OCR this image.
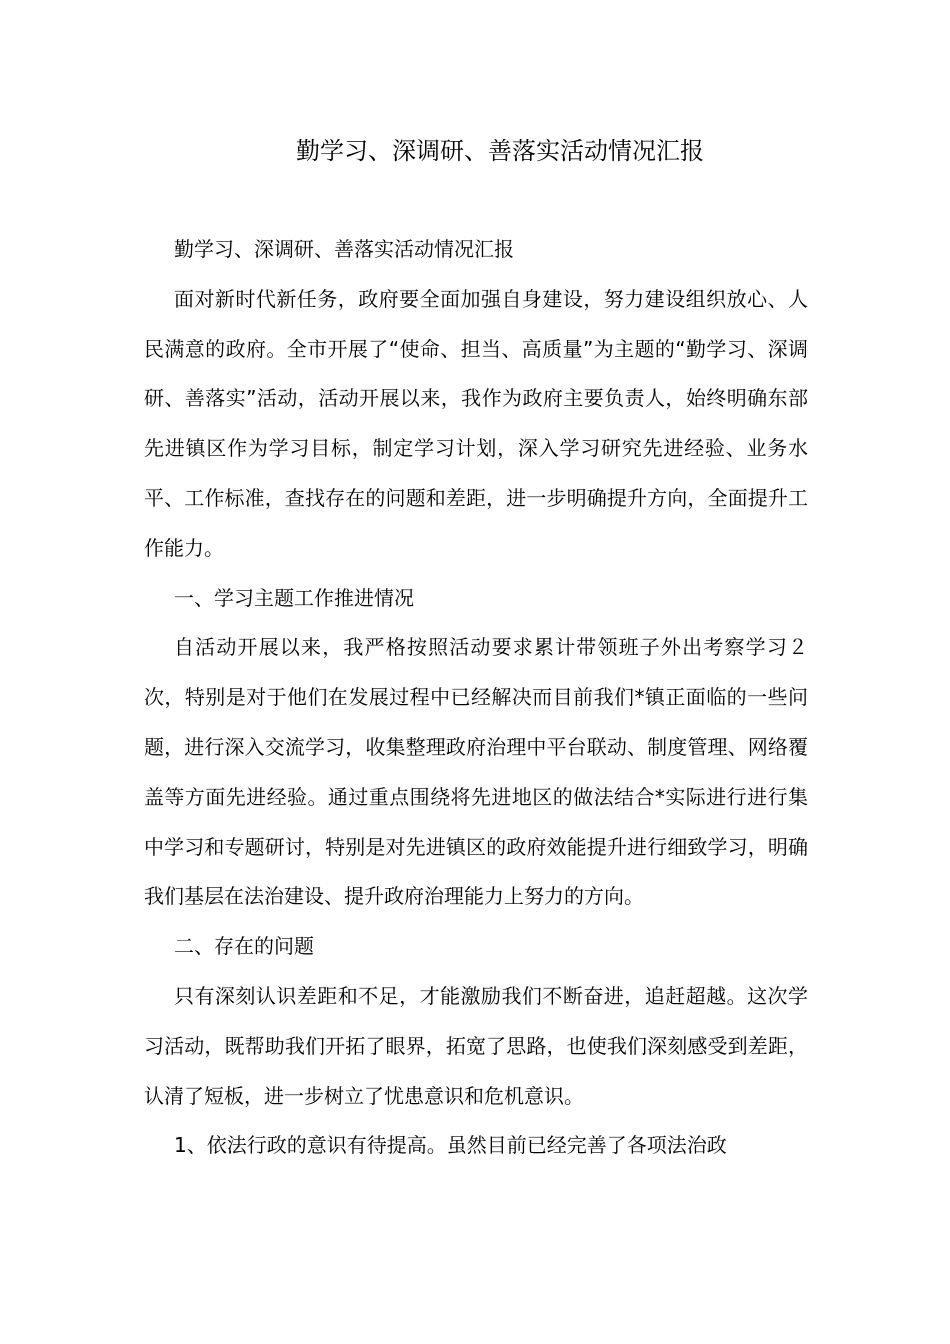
勤学习、深调研、善落实活动情况汇报

勤学习、深调研、善落实活动情况汇报

面对新时代新任务，政府要全面加强自身建设，努力建设组织放心、人民满意的政府。全市开展了“使命、担当、高质量”为主题的“勤学习、深调研、善落实”活动，活动开展以来，我作为政府主要负责人，始终明确东部先进镇区作为学习目标，制定学习计划，深入学习研究先进经验、业务水平、工作标准，查找存在的问题和差距，进一步明确提升方向，全面提升工作能力。

一、学习主题工作推进情况

自活动开展以来，我严格按照活动要求累计带领班子外出考察学习２次，特别是对于他们在发展过程中已经解决而目前我们*镇正面临的一些问题，进行深入交流学习，收集整理政府治理中平台联动、制度管理、网络覆盖等方面先进经验。通过重点围绕将先进地区的做法结合*实际进行进行集中学习和专题研讨，特别是对先进镇区的政府效能提升进行细致学习，明确我们基层在法治建设、提升政府治理能力上努力的方向。

二、存在的问题

只有深刻认识差距和不足，才能激励我们不断奋进，追赶超越。这次学习活动，既帮助我们开拓了眼界，拓宽了思路，也使我们深刻感受到差距，认清了短板，进一步树立了忧患意识和危机意识。

1、依法行政的意识有待提高。虽然目前已经完善了各项法治政
